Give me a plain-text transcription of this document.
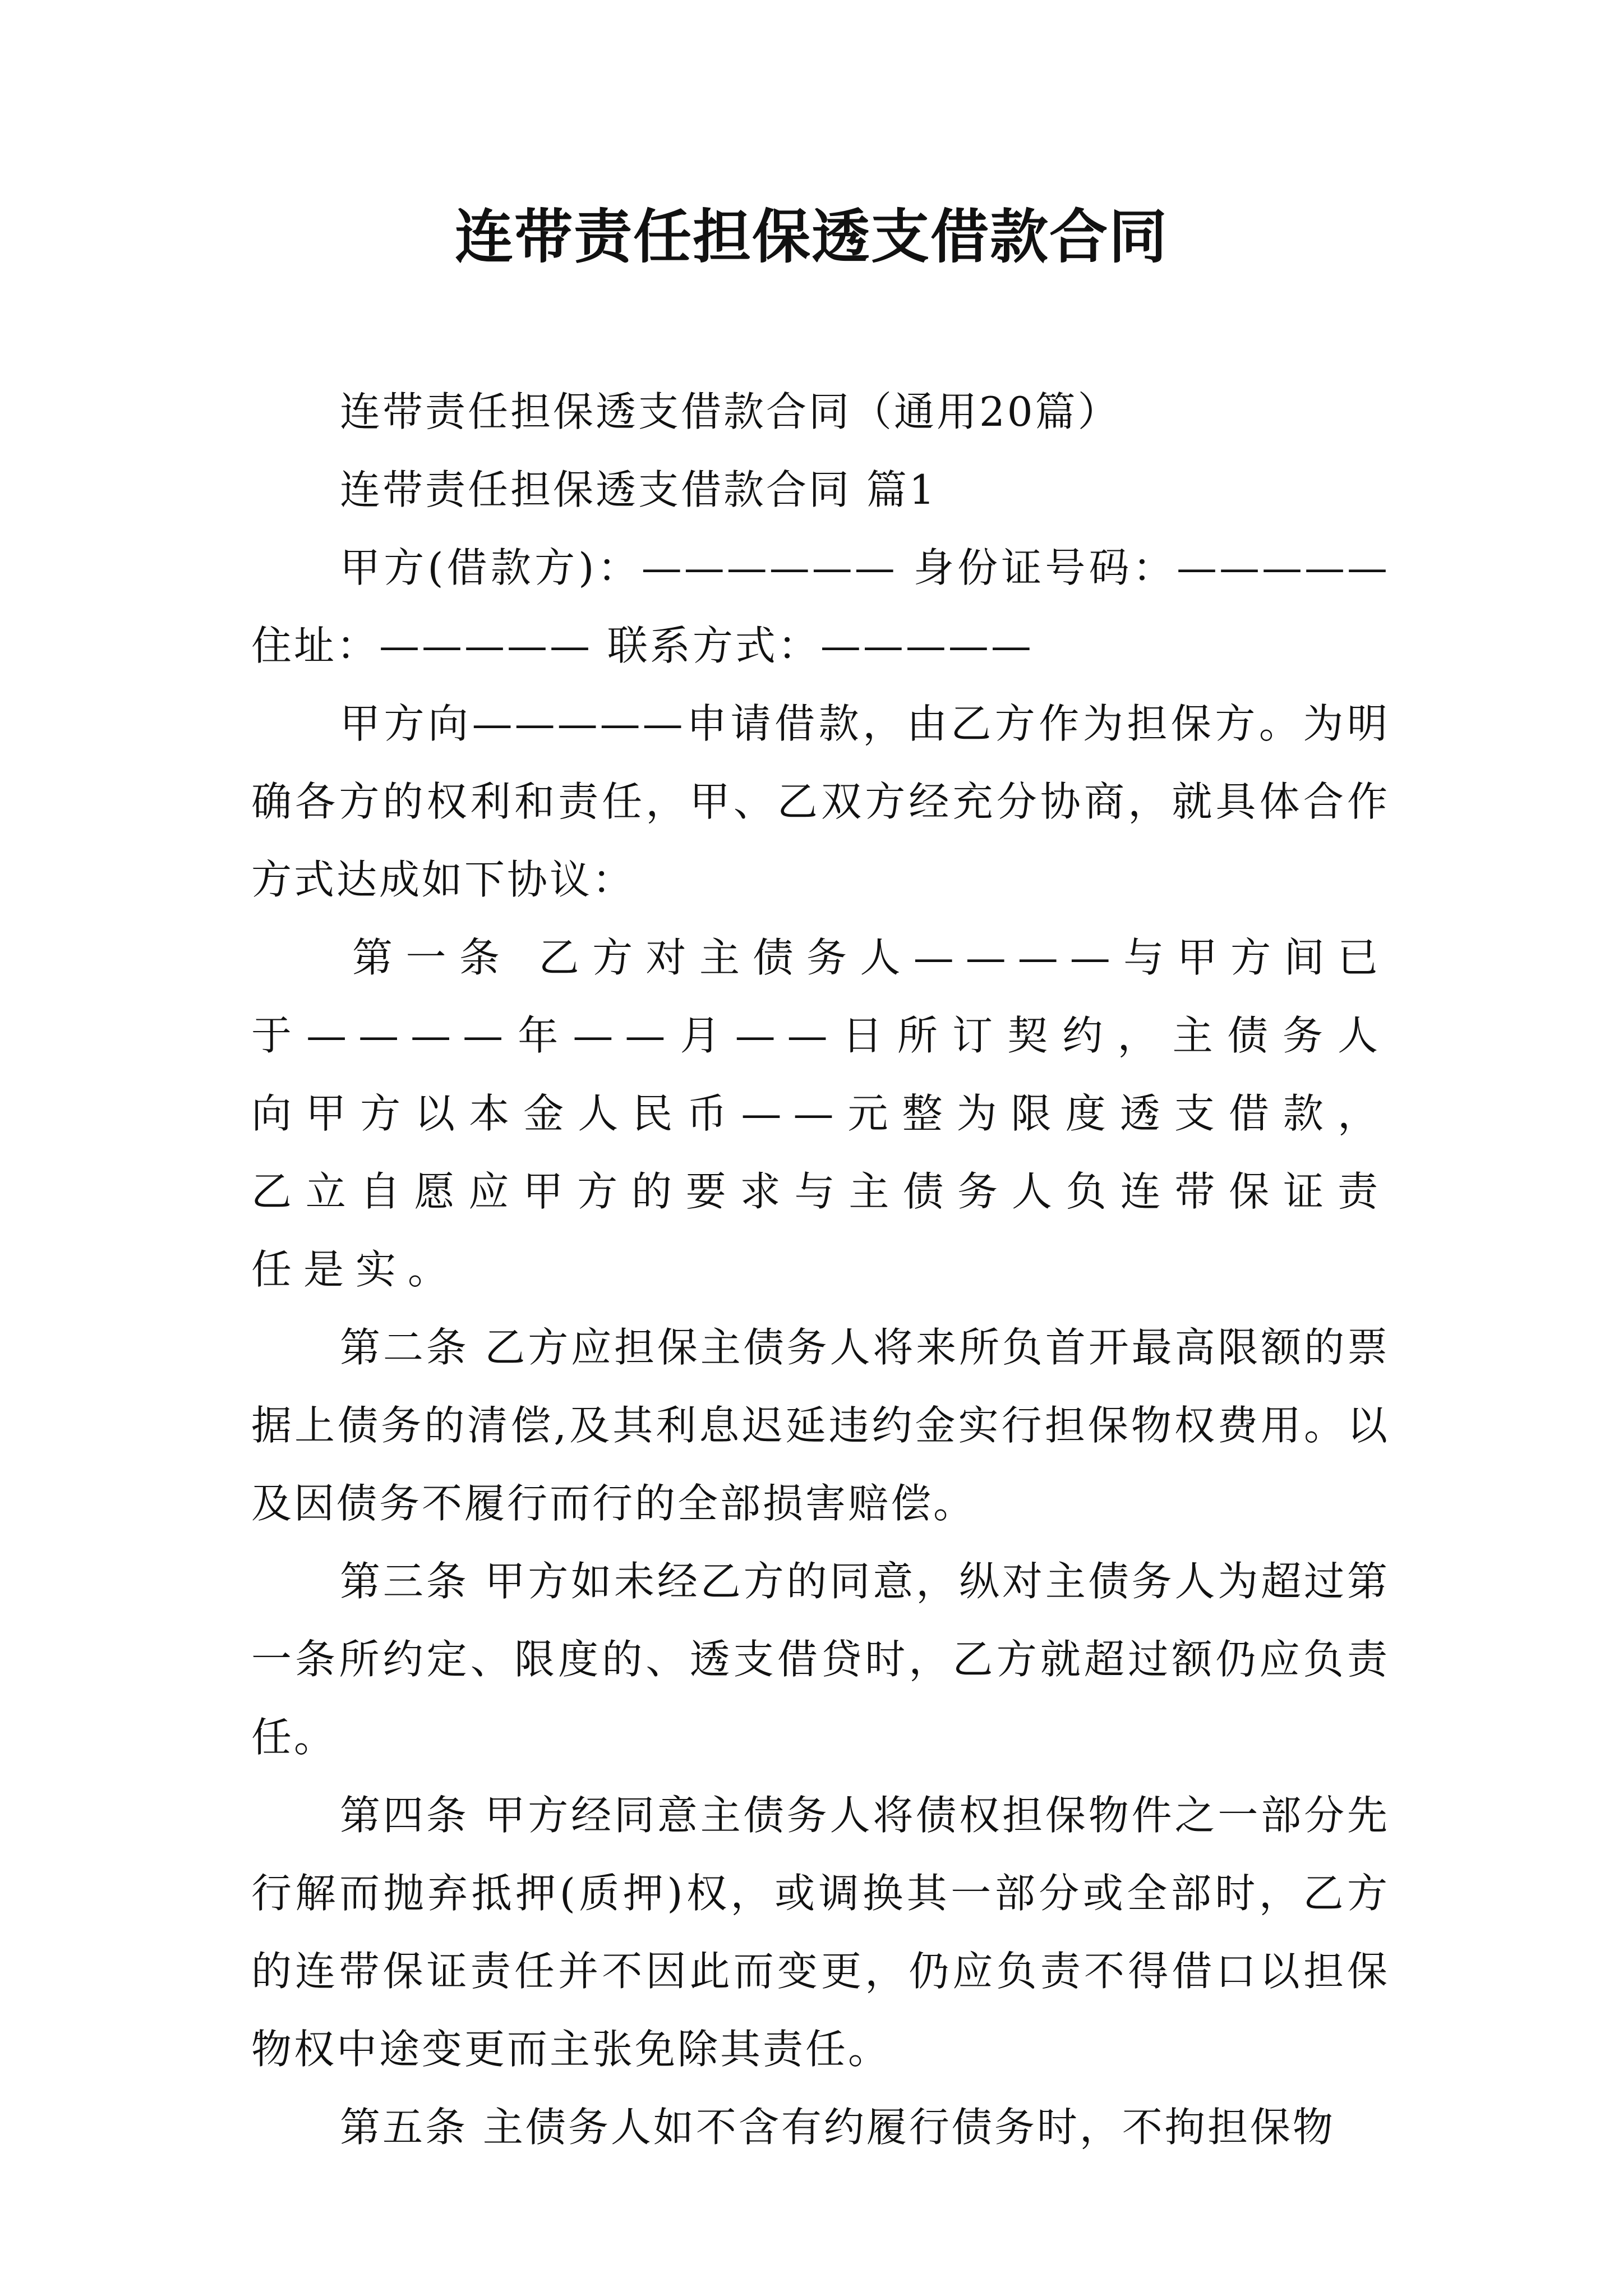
连带责任担保透支借款合同

连带责任担保透支借款合同（通用20篇）

连带责任担保透支借款合同 篇1

甲方(借款方)：—————— 身份证号码：————— 住址：————— 联系方式：—————

甲方向—————申请借款，由乙方作为担保方。为明确各方的权利和责任，甲、乙双方经充分协商，就具体合作方式达成如下协议：

第一条 乙方对主债务人————与甲方间已于————年——月——日所订契约，主债务人向甲方以本金人民币——元整为限度透支借款，乙立自愿应甲方的要求与主债务人负连带保证责任是实。

第二条 乙方应担保主债务人将来所负首开最高限额的票据上债务的清偿,及其利息迟延违约金实行担保物权费用。以及因债务不履行而行的全部损害赔偿。

第三条 甲方如未经乙方的同意，纵对主债务人为超过第一条所约定、限度的、透支借贷时，乙方就超过额仍应负责任。

第四条 甲方经同意主债务人将债权担保物件之一部分先行解而抛弃抵押(质押)权，或调换其一部分或全部时，乙方的连带保证责任并不因此而变更，仍应负责不得借口以担保物权中途变更而主张免除其责任。

第五条 主债务人如不含有约履行债务时，不拘担保物
